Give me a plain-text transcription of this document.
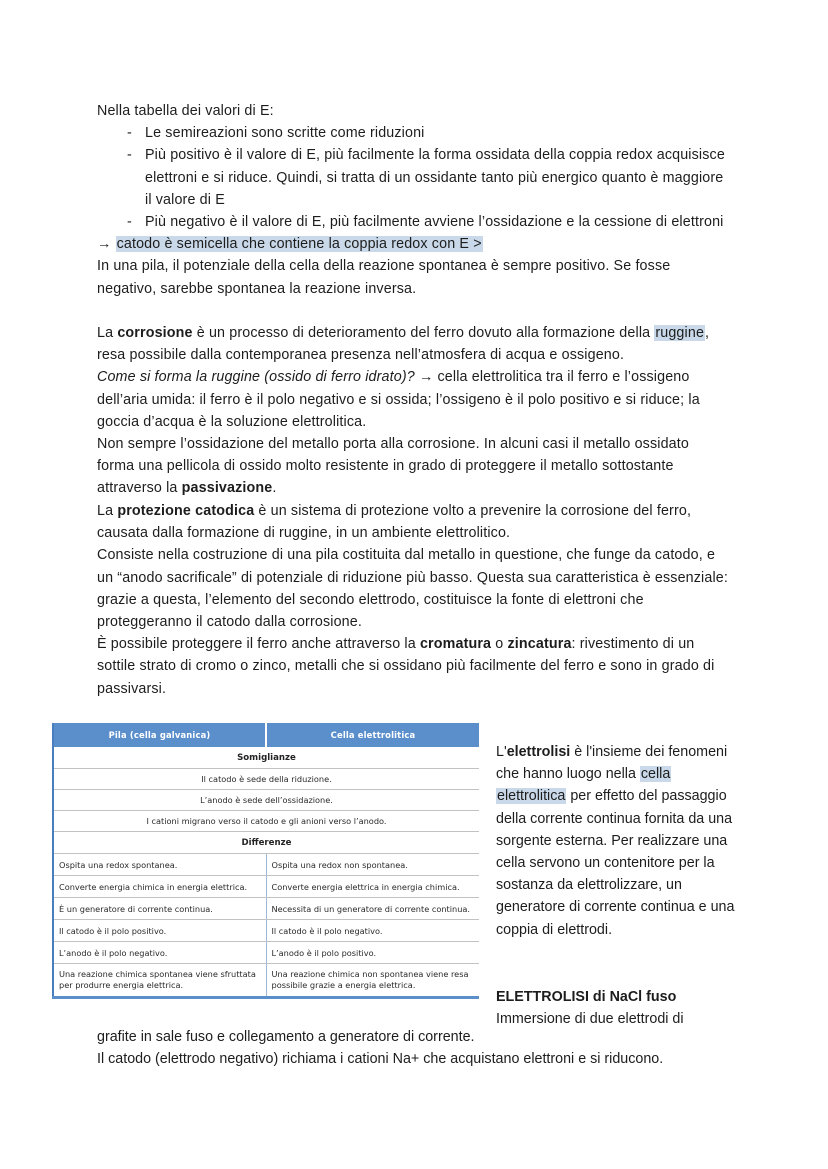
Nella tabella dei valori di E:

- Le semireazioni sono scritte come riduzioni
- Più positivo è il valore di E, più facilmente la forma ossidata della coppia redox acquisisce elettroni e si riduce. Quindi, si tratta di un ossidante tanto più energico quanto è maggiore il valore di E
- Più negativo è il valore di E, più facilmente avviene l’ossidazione e la cessione di elettroni

→ catodo è semicella che contiene la coppia redox con E >

In una pila, il potenziale della cella della reazione spontanea è sempre positivo. Se fosse negativo, sarebbe spontanea la reazione inversa.

La corrosione è un processo di deterioramento del ferro dovuto alla formazione della ruggine, resa possibile dalla contemporanea presenza nell’atmosfera di acqua e ossigeno.

Come si forma la ruggine (ossido di ferro idrato)? → cella elettrolitica tra il ferro e l’ossigeno dell’aria umida: il ferro è il polo negativo e si ossida; l’ossigeno è il polo positivo e si riduce; la goccia d’acqua è la soluzione elettrolitica.

Non sempre l’ossidazione del metallo porta alla corrosione. In alcuni casi il metallo ossidato forma una pellicola di ossido molto resistente in grado di proteggere il metallo sottostante attraverso la passivazione.

La protezione catodica è un sistema di protezione volto a prevenire la corrosione del ferro, causata dalla formazione di ruggine, in un ambiente elettrolitico.

Consiste nella costruzione di una pila costituita dal metallo in questione, che funge da catodo, e un “anodo sacrificale” di potenziale di riduzione più basso. Questa sua caratteristica è essenziale: grazie a questa, l’elemento del secondo elettrodo, costituisce la fonte di elettroni che proteggeranno il catodo dalla corrosione.

È possibile proteggere il ferro anche attraverso la cromatura o zincatura: rivestimento di un sottile strato di cromo o zinco, metalli che si ossidano più facilmente del ferro e sono in grado di passivarsi.

Pila (cella galvanica)	Cella elettrolitica
Somiglianze	
Il catodo è sede della riduzione.	
L’anodo è sede dell’ossidazione.	
I cationi migrano verso il catodo e gli anioni verso l’anodo.	
Differenze	
Ospita una redox spontanea.	Ospita una redox non spontanea.
Converte energia chimica in energia elettrica.	Converte energia elettrica in energia chimica.
È un generatore di corrente continua.	Necessita di un generatore di corrente continua.
Il catodo è il polo positivo.	Il catodo è il polo negativo.
L’anodo è il polo negativo.	L’anodo è il polo positivo.
Una reazione chimica spontanea viene sfruttata per produrre energia elettrica.	Una reazione chimica non spontanea viene resa possibile grazie a energia elettrica.

L'elettrolisi è l'insieme dei fenomeni che hanno luogo nella cella elettrolitica per effetto del passaggio della corrente continua fornita da una sorgente esterna. Per realizzare una cella servono un contenitore per la sostanza da elettrolizzare, un generatore di corrente continua e una coppia di elettrodi.

ELETTROLISI di NaCl fuso

Immersione di due elettrodi di

grafite in sale fuso e collegamento a generatore di corrente.

Il catodo (elettrodo negativo) richiama i cationi Na+ che acquistano elettroni e si riducono.
